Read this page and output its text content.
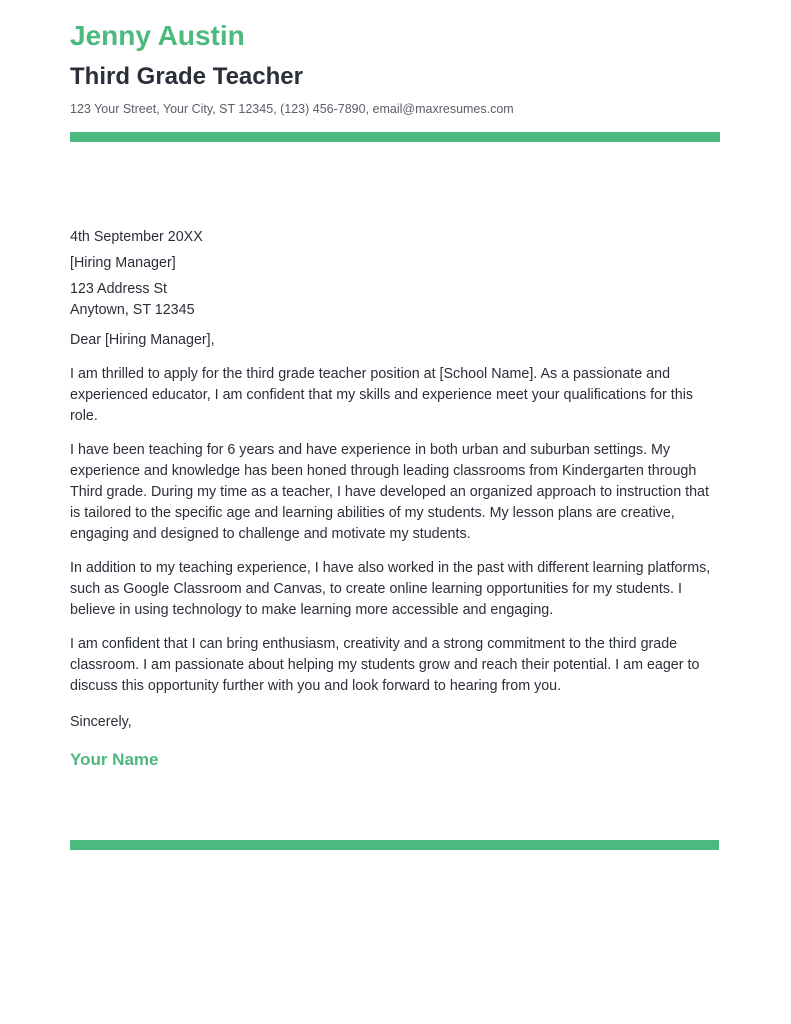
Jenny Austin
Third Grade Teacher
123 Your Street, Your City, ST 12345, (123) 456-7890, email@maxresumes.com

4th September 20XX

[Hiring Manager]

123 Address St

Anytown, ST 12345

Dear [Hiring Manager],

I am thrilled to apply for the third grade teacher position at [School Name]. As a passionate and experienced educator, I am confident that my skills and experience meet your qualifications for this role.

I have been teaching for 6 years and have experience in both urban and suburban settings. My experience and knowledge has been honed through leading classrooms from Kindergarten through Third grade. During my time as a teacher, I have developed an organized approach to instruction that is tailored to the specific age and learning abilities of my students. My lesson plans are creative, engaging and designed to challenge and motivate my students.

In addition to my teaching experience, I have also worked in the past with different learning platforms, such as Google Classroom and Canvas, to create online learning opportunities for my students. I believe in using technology to make learning more accessible and engaging.

I am confident that I can bring enthusiasm, creativity and a strong commitment to the third grade classroom. I am passionate about helping my students grow and reach their potential. I am eager to discuss this opportunity further with you and look forward to hearing from you.

Sincerely,
Your Name
